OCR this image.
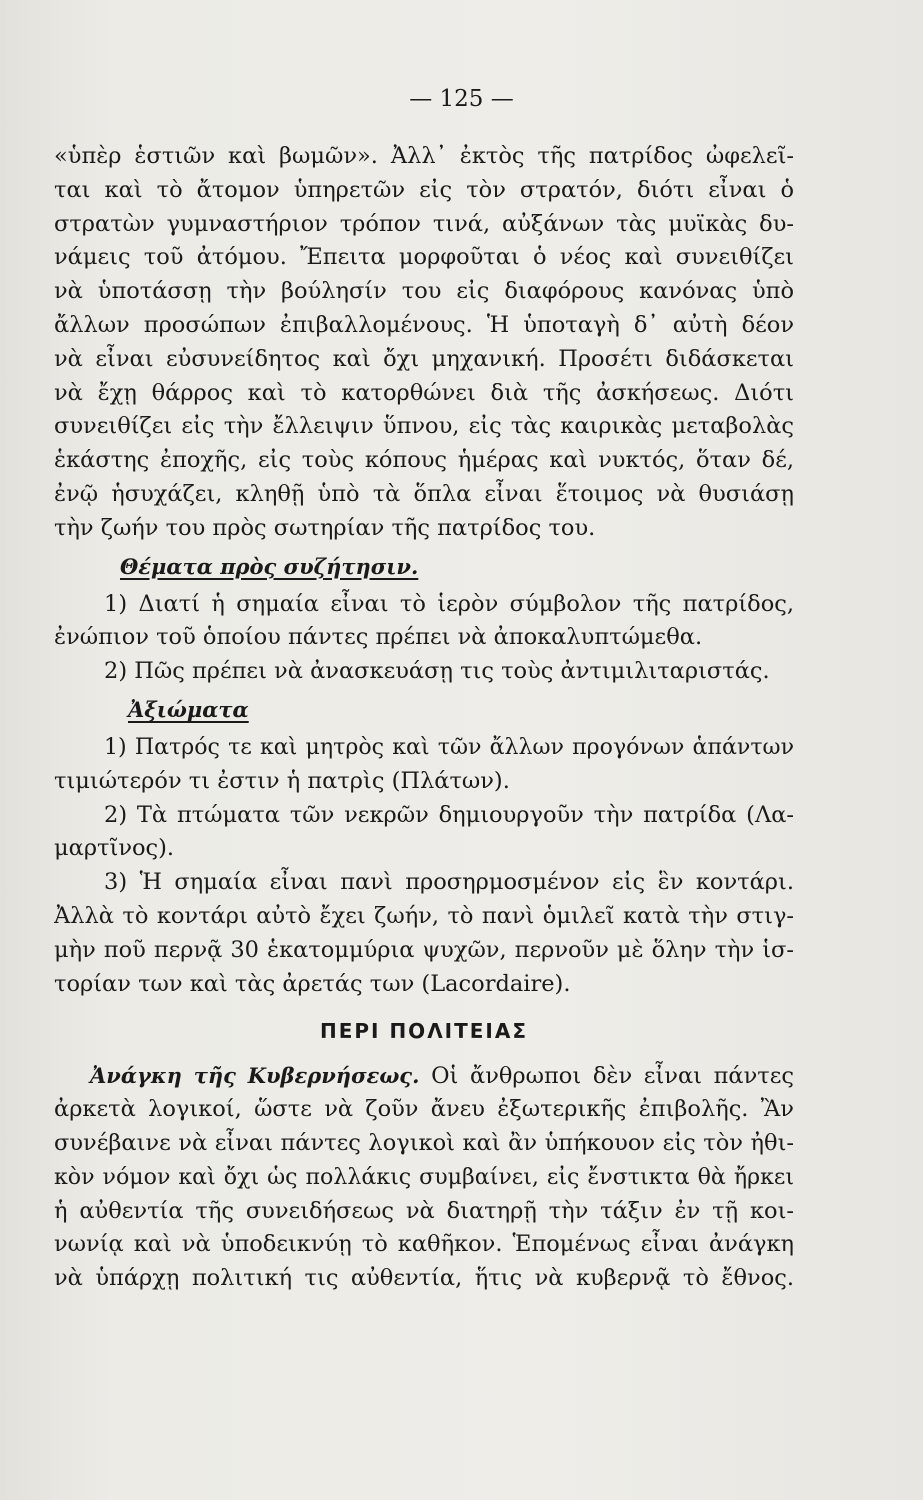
— 125 —
«ὑπὲρ ἑστιῶν καὶ βωμῶν». Ἀλλ᾽ ἐκτὸς τῆς πατρίδος ὠφελεῖ-
ται καὶ τὸ ἄτομον ὑπηρετῶν εἰς τὸν στρατόν, διότι εἶναι ὁ
στρατὼν γυμναστήριον τρόπον τινά, αὐξάνων τὰς μυϊκὰς δυ-
νάμεις τοῦ ἀτόμου. Ἔπειτα μορφοῦται ὁ νέος καὶ συνειθίζει
νὰ ὑποτάσσῃ τὴν βούλησίν του εἰς διαφόρους κανόνας ὑπὸ
ἄλλων προσώπων ἐπιβαλλομένους. Ἡ ὑποταγὴ δ᾽ αὐτὴ δέον
νὰ εἶναι εὐσυνείδητος καὶ ὄχι μηχανική. Προσέτι διδάσκεται
νὰ ἔχῃ θάρρος καὶ τὸ κατορθώνει διὰ τῆς ἀσκήσεως. Διότι
συνειθίζει εἰς τὴν ἔλλειψιν ὕπνου, εἰς τὰς καιρικὰς μεταβολὰς
ἑκάστης ἐποχῆς, εἰς τοὺς κόπους ἡμέρας καὶ νυκτός, ὅταν δέ,
ἐνῷ ἡσυχάζει, κληθῇ ὑπὸ τὰ ὅπλα εἶναι ἕτοιμος νὰ θυσιάσῃ
τὴν ζωήν του πρὸς σωτηρίαν τῆς πατρίδος του.
Θέματα πρὸς συζήτησιν.
1) Διατί ἡ σημαία εἶναι τὸ ἱερὸν σύμβολον τῆς πατρίδος,
ἐνώπιον τοῦ ὁποίου πάντες πρέπει νὰ ἀποκαλυπτώμεθα.
2) Πῶς πρέπει νὰ ἀνασκευάσῃ τις τοὺς ἀντιμιλιταριστάς.
Ἀξιώματα
1) Πατρός τε καὶ μητρὸς καὶ τῶν ἄλλων προγόνων ἁπάντων
τιμιώτερόν τι ἐστιν ἡ πατρὶς (Πλάτων).
2) Τὰ πτώματα τῶν νεκρῶν δημιουργοῦν τὴν πατρίδα (Λα-
μαρτῖνος).
3) Ἡ σημαία εἶναι πανὶ προσηρμοσμένον εἰς ἓν κοντάρι.
Ἀλλὰ τὸ κοντάρι αὐτὸ ἔχει ζωήν, τὸ πανὶ ὁμιλεῖ κατὰ τὴν στιγ-
μὴν ποῦ περνᾷ 30 ἑκατομμύρια ψυχῶν, περνοῦν μὲ ὅλην τὴν ἱσ-
τορίαν των καὶ τὰς ἀρετάς των (Lacordaire).
ΠΕΡΙ ΠΟΛΙΤΕΙΑΣ
Ἀνάγκη τῆς Κυβερνήσεως. Οἱ ἄνθρωποι δὲν εἶναι πάντες
ἀρκετὰ λογικοί, ὥστε νὰ ζοῦν ἄνευ ἐξωτερικῆς ἐπιβολῆς. Ἂν
συνέβαινε νὰ εἶναι πάντες λογικοὶ καὶ ἂν ὑπήκουον εἰς τὸν ἠθι-
κὸν νόμον καὶ ὄχι ὡς πολλάκις συμβαίνει, εἰς ἔνστικτα θὰ ἤρκει
ἡ αὐθεντία τῆς συνειδήσεως νὰ διατηρῇ τὴν τάξιν ἐν τῇ κοι-
νωνίᾳ καὶ νὰ ὑποδεικνύῃ τὸ καθῆκον. Ἑπομένως εἶναι ἀνάγκη
νὰ ὑπάρχῃ πολιτική τις αὐθεντία, ἥτις νὰ κυβερνᾷ τὸ ἔθνος.
